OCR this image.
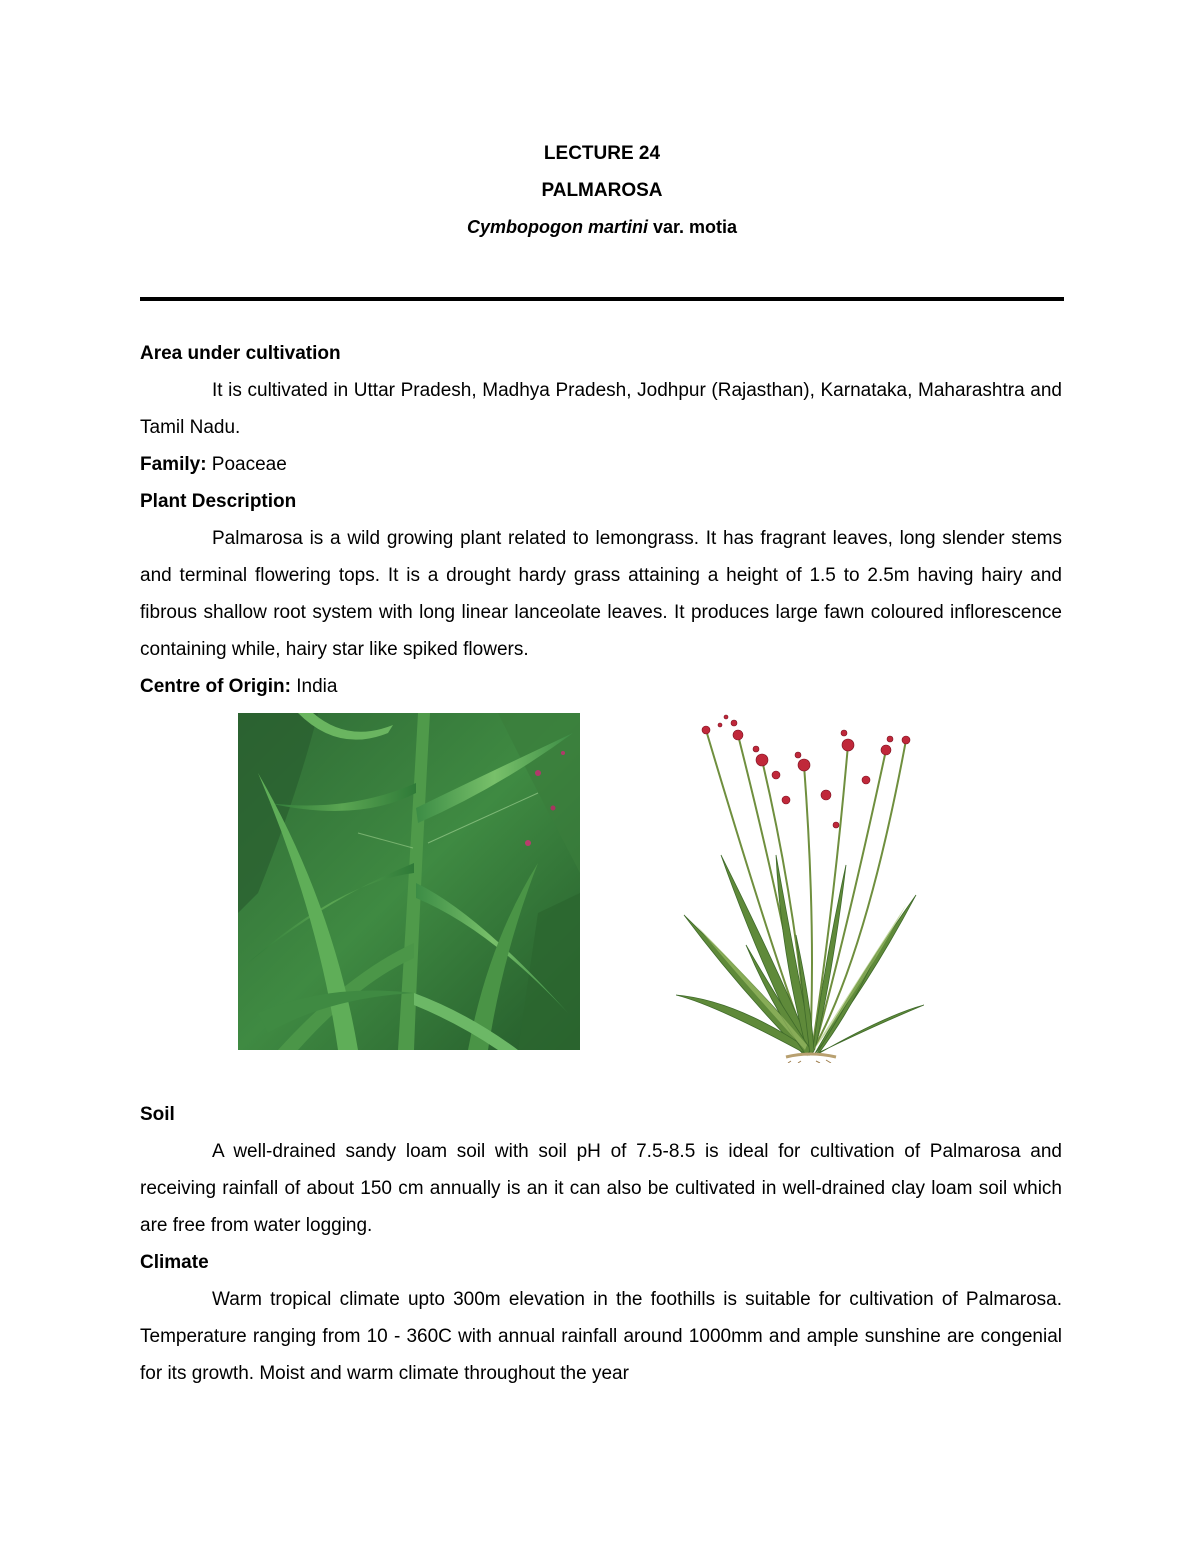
LECTURE 24
PALMAROSA
Cymbopogon martini var. motia
Area under cultivation
It is cultivated in Uttar Pradesh, Madhya Pradesh, Jodhpur (Rajasthan), Karnataka, Maharashtra and Tamil Nadu.
Family: Poaceae
Plant Description
Palmarosa is a wild growing plant related to lemongrass. It has fragrant leaves, long slender stems and terminal flowering tops. It is a drought hardy grass attaining a height of 1.5 to 2.5m having hairy and fibrous shallow root system with long linear lanceolate leaves. It produces large fawn coloured inflorescence containing while, hairy star like spiked flowers.
Centre of Origin: India
Soil
A well-drained sandy loam soil with soil pH of 7.5-8.5 is ideal for cultivation of Palmarosa and receiving rainfall of about 150 cm annually is an it can also be cultivated in well-drained clay loam soil which are free from water logging.
Climate
Warm tropical climate upto 300m elevation in the foothills is suitable for cultivation of Palmarosa. Temperature ranging from 10 - 360C with annual rainfall around 1000mm and ample sunshine are congenial for its growth. Moist and warm climate throughout the year
